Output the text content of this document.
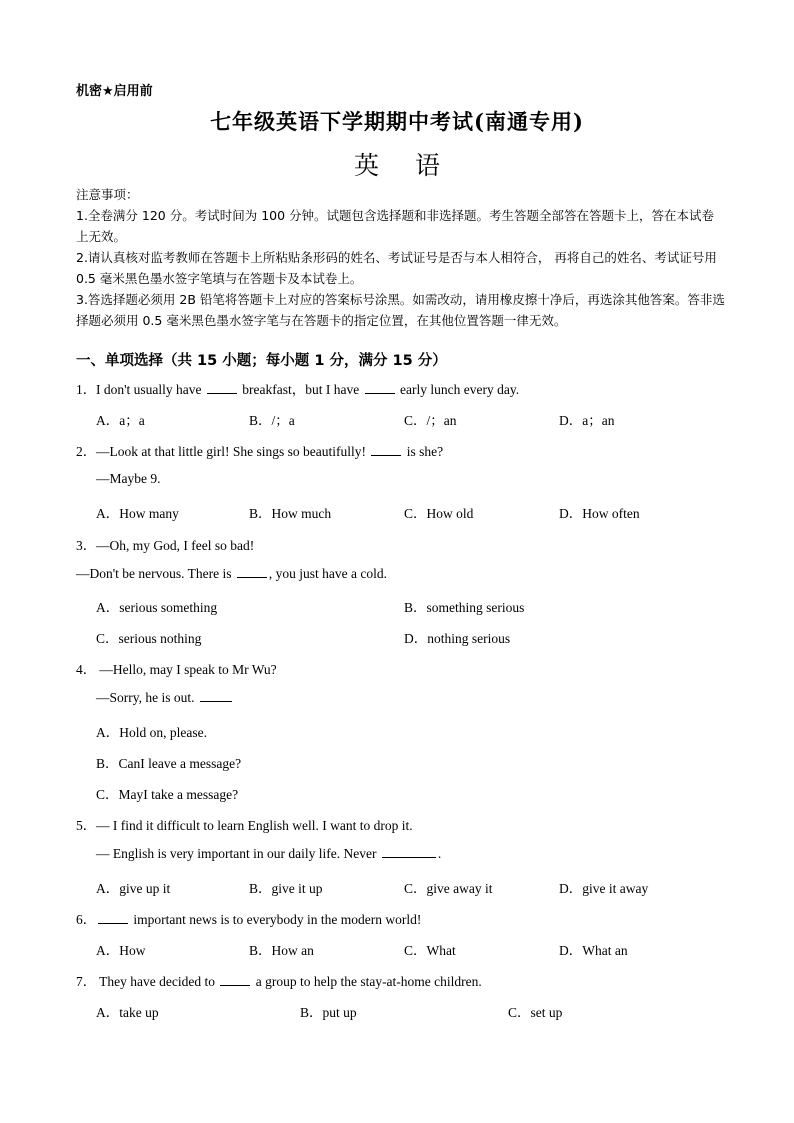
机密★启用前
七年级英语下学期期中考试(南通专用)
英 语

注意事项：

1.全卷满分 120 分。考试时间为 100 分钟。试题包含选择题和非选择题。考生答题全部答在答题卡上，答在本试卷上无效。

2.请认真核对监考教师在答题卡上所粘贴条形码的姓名、考试证号是否与本人相符合， 再将自己的姓名、考试证号用 0.5 毫米黑色墨水签字笔填与在答题卡及本试卷上。

3.答选择题必须用 2B 铅笔将答题卡上对应的答案标号涂黑。如需改动，请用橡皮擦十净后，再选涂其他答案。答非选择题必须用 0.5 毫米黑色墨水签字笔与在答题卡的指定位置，在其他位置答题一律无效。

一、单项选择（共 15 小题；每小题 1 分，满分 15 分）
1．I don't usually have	breakfast，but I have	early lunch every day.
A．a；a	B．/；a	C．/；an	D．a；an
2．—Look at that little girl! She sings so beautifully!	is she?
—Maybe 9.
A．How many	B．How much	C．How old	D．How often
3．—Oh, my God, I feel so bad!
—Don't be nervous. There is	, you just have a cold.
A．serious something	B．something serious
C．serious nothing	D．nothing serious
4． —Hello, may I speak to Mr Wu?
—Sorry, he is out.
A．Hold on, please.
B．CanI leave a message?
C．MayI take a message?
5．— I find it difficult to learn English well. I want to drop it.
— English is very important in our daily life. Never	.
A．give up it	B．give it up	C．give away it	D．give it away
6．	important news is to everybody in the modern world!
A．How	B．How an	C．What	D．What an
7． They have decided to	a group to help the stay-at-home children.
A．take up	B．put up	C．set up
